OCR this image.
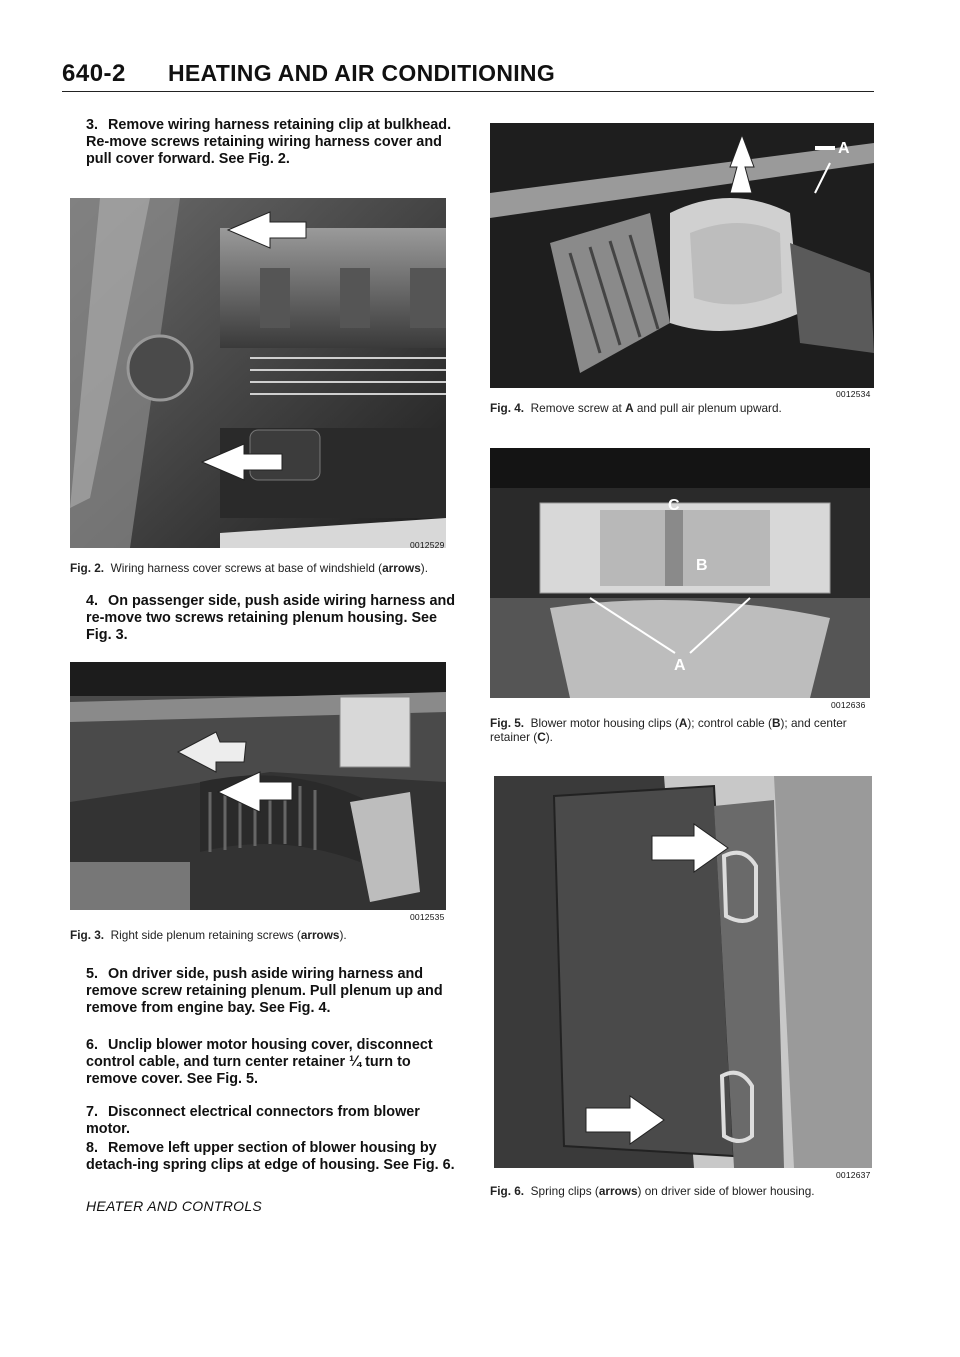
640-2 HEATING AND AIR CONDITIONING
3. Remove wiring harness retaining clip at bulkhead. Re-move screws retaining wiring harness cover and pull cover forward. See Fig. 2.
0012529
Fig. 2. Wiring harness cover screws at base of windshield (arrows).
4. On passenger side, push aside wiring harness and re-move two screws retaining plenum housing. See Fig. 3.
0012535
Fig. 3. Right side plenum retaining screws (arrows).
5. On driver side, push aside wiring harness and remove screw retaining plenum. Pull plenum up and remove from engine bay. See Fig. 4.
6. Unclip blower motor housing cover, disconnect control cable, and turn center retainer ¼ turn to remove cover. See Fig. 5.
7. Disconnect electrical connectors from blower motor.
8. Remove left upper section of blower housing by detach-ing spring clips at edge of housing. See Fig. 6.
HEATER AND CONTROLS
A
0012534
Fig. 4. Remove screw at A and pull air plenum upward.
A
B
C
0012636
Fig. 5. Blower motor housing clips (A); control cable (B); and center retainer (C).
0012637
Fig. 6. Spring clips (arrows) on driver side of blower housing.
